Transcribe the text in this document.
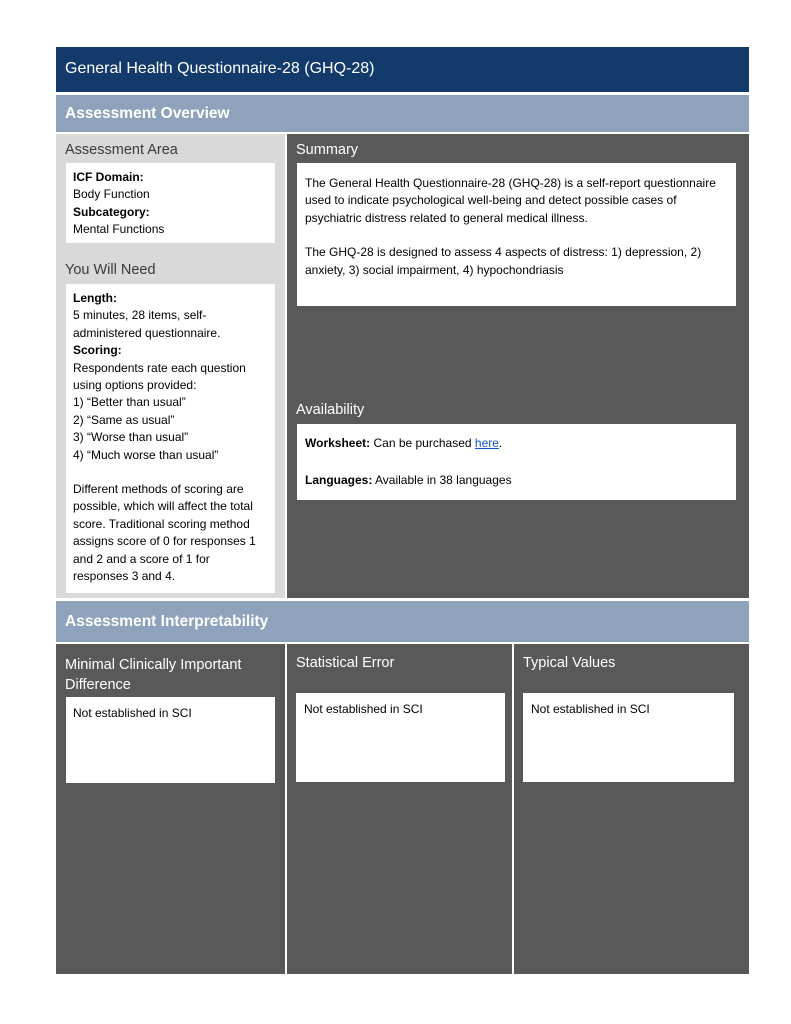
General Health Questionnaire-28 (GHQ-28)
Assessment Overview
Assessment Area

ICF Domain:

Body Function

Subcategory:

Mental Functions

You Will Need

Length:

5 minutes, 28 items, self-administered questionnaire.

Scoring:

Respondents rate each question using options provided:

1) “Better than usual”

2) “Same as usual”

3) “Worse than usual”

4) “Much worse than usual”

Different methods of scoring are possible, which will affect the total score. Traditional scoring method assigns score of 0 for responses 1 and 2 and a score of 1 for responses 3 and 4.

Summary

The General Health Questionnaire-28 (GHQ-28) is a self-report questionnaire used to indicate psychological well-being and detect possible cases of psychiatric distress related to general medical illness.

The GHQ-28 is designed to assess 4 aspects of distress: 1) depression, 2) anxiety, 3) social impairment, 4) hypochondriasis

Availability

Worksheet: Can be purchased here.

Languages: Available in 38 languages

Assessment Interpretability
Minimal Clinically Important Difference

Not established in SCI

Statistical Error

Not established in SCI

Typical Values

Not established in SCI
